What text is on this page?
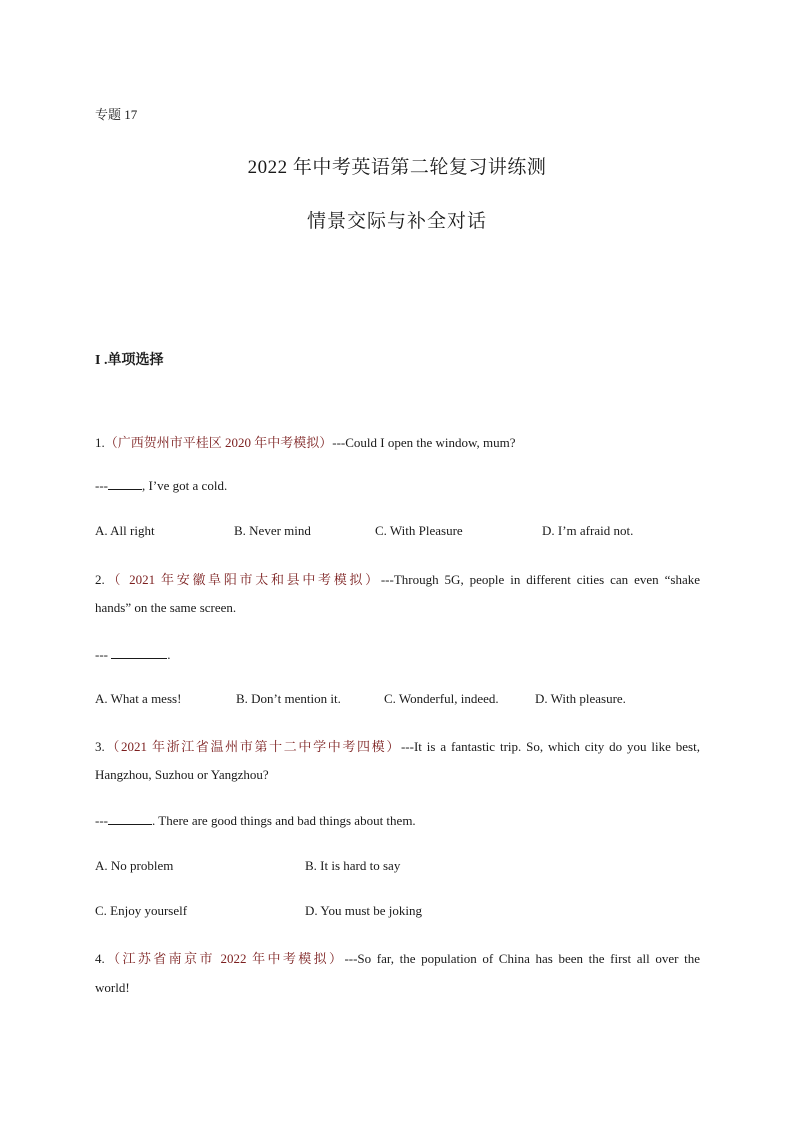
专题 17
2022 年中考英语第二轮复习讲练测
情景交际与补全对话
I .单项选择
1.（广西贺州市平桂区 2020 年中考模拟）---Could I open the window, mum?
---	, I’ve got a cold.
A. All right	B. Never mind	C. With Pleasure	D. I’m afraid not.
2.（ 2021 年安徽阜阳市太和县中考模拟）---Through 5G, people in different cities can even “shake
hands” on the same screen.
---	.
A. What a mess!	B. Don’t mention it.	C. Wonderful, indeed.	D. With pleasure.
3.（2021 年浙江省温州市第十二中学中考四模）---It is a fantastic trip. So, which city do you like best,
Hangzhou, Suzhou or Yangzhou?
---	. There are good things and bad things about them.
A. No problem	B. It is hard to say
C. Enjoy yourself	D. You must be joking
4.（江苏省南京市 2022 年中考模拟）---So far, the population of China has been the first all over the
world!
